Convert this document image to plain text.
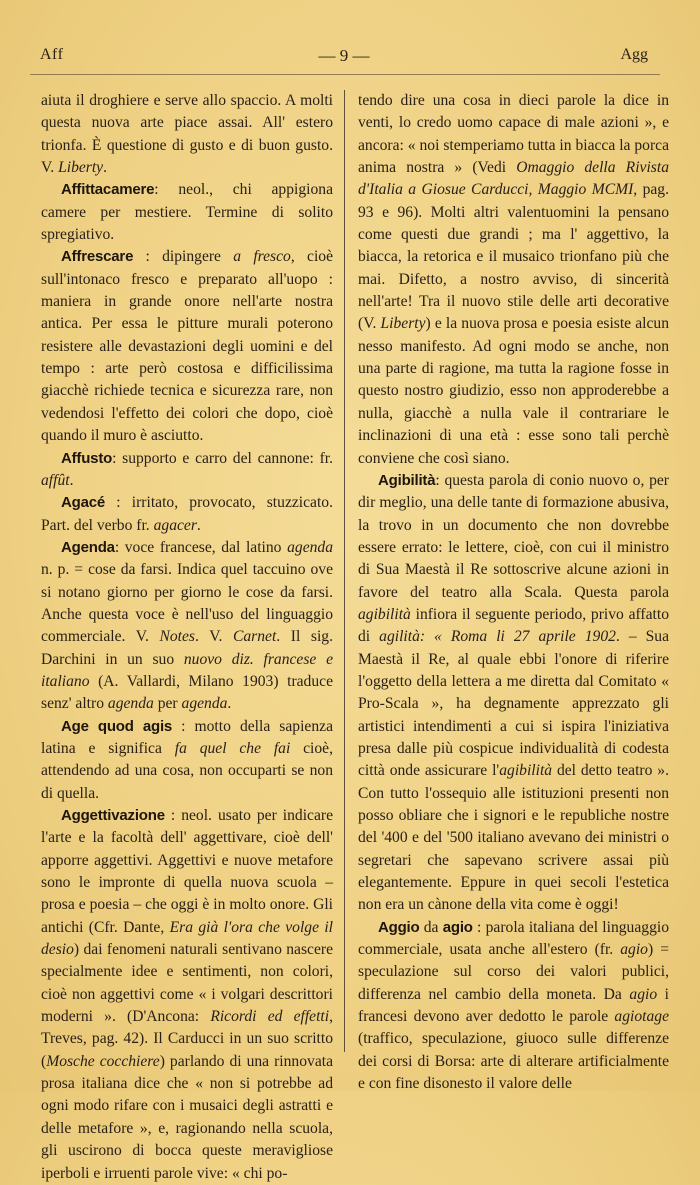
Aff	— 9 —	Agg

aiuta il droghiere e serve allo spaccio. A molti questa nuova arte piace assai. All' estero trionfa. È questione di gusto e di buon gusto. V. Liberty.

Affittacamere: neol., chi appigiona camere per mestiere. Termine di solito spregiativo.

Affrescare : dipingere a fresco, cioè sull'intonaco fresco e preparato all'uopo : maniera in grande onore nell'arte nostra antica. Per essa le pitture murali poterono resistere alle devastazioni degli uomini e del tempo : arte però costosa e difficilissima giacchè richiede tecnica e sicurezza rare, non vedendosi l'effetto dei colori che dopo, cioè quando il muro è asciutto.

Affusto: supporto e carro del cannone: fr. affût.

Agacé : irritato, provocato, stuzzicato. Part. del verbo fr. agacer.

Agenda: voce francese, dal latino agenda n. p. = cose da farsi. Indica quel taccuino ove si notano giorno per giorno le cose da farsi. Anche questa voce è nell'uso del linguaggio commerciale. V. Notes. V. Carnet. Il sig. Darchini in un suo nuovo diz. francese e italiano (A. Vallardi, Milano 1903) traduce senz' altro agenda per agenda.

Age quod agis : motto della sapienza latina e significa fa quel che fai cioè, attendendo ad una cosa, non occuparti se non di quella.

Aggettivazione : neol. usato per indicare l'arte e la facoltà dell' aggettivare, cioè dell' apporre aggettivi. Aggettivi e nuove metafore sono le impronte di quella nuova scuola – prosa e poesia – che oggi è in molto onore. Gli antichi (Cfr. Dante, Era già l'ora che volge il desio) dai fenomeni naturali sentivano nascere specialmente idee e sentimenti, non colori, cioè non aggettivi come « i volgari descrittori moderni ». (D'Ancona: Ricordi ed effetti, Treves, pag. 42). Il Carducci in un suo scritto (Mosche cocchiere) parlando di una rinnovata prosa italiana dice che « non si potrebbe ad ogni modo rifare con i musaici degli astratti e delle metafore », e, ragionando nella scuola, gli uscirono di bocca queste meravigliose iperboli e irruenti parole vive: « chi po-

tendo dire una cosa in dieci parole la dice in venti, lo credo uomo capace di male azioni », e ancora: « noi stemperiamo tutta in biacca la porca anima nostra » (Vedi Omaggio della Rivista d'Italia a Giosue Carducci, Maggio MCMI, pag. 93 e 96). Molti altri valentuomini la pensano come questi due grandi ; ma l' aggettivo, la biacca, la retorica e il musaico trionfano più che mai. Difetto, a nostro avviso, di sincerità nell'arte! Tra il nuovo stile delle arti decorative (V. Liberty) e la nuova prosa e poesia esiste alcun nesso manifesto. Ad ogni modo se anche, non una parte di ragione, ma tutta la ragione fosse in questo nostro giudizio, esso non approderebbe a nulla, giacchè a nulla vale il contrariare le inclinazioni di una età : esse sono tali perchè conviene che così siano.

Agibilità: questa parola di conio nuovo o, per dir meglio, una delle tante di formazione abusiva, la trovo in un documento che non dovrebbe essere errato: le lettere, cioè, con cui il ministro di Sua Maestà il Re sottoscrive alcune azioni in favore del teatro alla Scala. Questa parola agibilità infiora il seguente periodo, privo affatto di agilità: « Roma li 27 aprile 1902. – Sua Maestà il Re, al quale ebbi l'onore di riferire l'oggetto della lettera a me diretta dal Comitato « Pro-Scala », ha degnamente apprezzato gli artistici intendimenti a cui si ispira l'iniziativa presa dalle più cospicue individualità di codesta città onde assicurare l'agibilità del detto teatro ». Con tutto l'ossequio alle istituzioni presenti non posso obliare che i signori e le republiche nostre del '400 e del '500 italiano avevano dei ministri o segretari che sapevano scrivere assai più elegantemente. Eppure in quei secoli l'estetica non era un cànone della vita come è oggi!

Aggio da agio : parola italiana del linguaggio commerciale, usata anche all'estero (fr. agio) = speculazione sul corso dei valori publici, differenza nel cambio della moneta. Da agio i francesi devono aver dedotto le parole agiotage (traffico, speculazione, giuoco sulle differenze dei corsi di Borsa: arte di alterare artificialmente e con fine disonesto il valore delle
